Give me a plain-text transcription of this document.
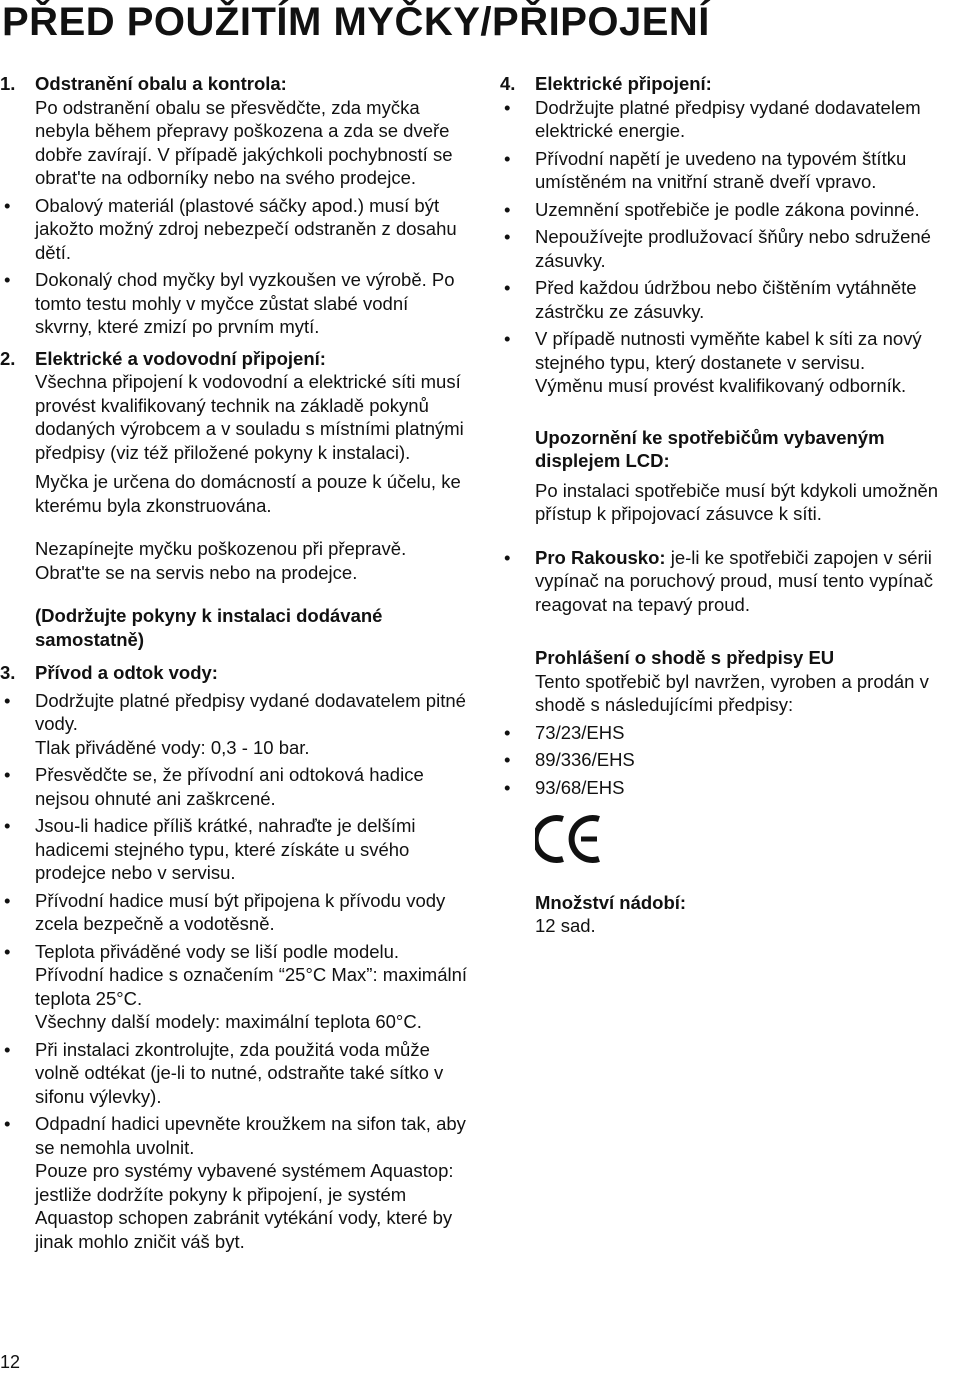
PŘED POUŽITÍM MYČKY/PŘIPOJENÍ
1.	Odstranění obalu a kontrola:
Po odstranění obalu se přesvědčte, zda myčka nebyla během přepravy poškozena a zda se dveře dobře zavírají. V případě jakýchkoli pochybností se obrat'te na odborníky nebo na svého prodejce.
•	Obalový materiál (plastové sáčky apod.) musí být jakožto možný zdroj nebezpečí odstraněn z dosahu dětí.
•	Dokonalý chod myčky byl vyzkoušen ve výrobě. Po tomto testu mohly v myčce zůstat slabé vodní skvrny, které zmizí po prvním mytí.
2.	Elektrické a vodovodní připojení:
Všechna připojení k vodovodní a elektrické síti musí provést kvalifikovaný technik na základě pokynů dodaných výrobcem a v souladu s místními platnými předpisy (viz též přiložené pokyny k instalaci).
Myčka je určena do domácností a pouze k účelu, ke kterému byla zkonstruována.
Nezapínejte myčku poškozenou při přepravě. Obrat'te se na servis nebo na prodejce.
(Dodržujte pokyny k instalaci dodávané samostatně)
3.	Přívod a odtok vody:
•	Dodržujte platné předpisy vydané dodavatelem pitné vody.
Tlak přiváděné vody: 0,3 - 10 bar.
•	Přesvědčte se, že přívodní ani odtoková hadice nejsou ohnuté ani zaškrcené.
•	Jsou-li hadice příliš krátké, nahraďte je delšími hadicemi stejného typu, které získáte u svého prodejce nebo v servisu.
•	Přívodní hadice musí být připojena k přívodu vody zcela bezpečně a vodotěsně.
•	Teplota přiváděné vody se liší podle modelu. Přívodní hadice s označením “25°C Max”: maximální teplota 25°C.
Všechny další modely: maximální teplota 60°C.
•	Při instalaci zkontrolujte, zda použitá voda může volně odtékat (je-li to nutné, odstraňte také sítko v sifonu výlevky).
•	Odpadní hadici upevněte kroužkem na sifon tak, aby se nemohla uvolnit.
Pouze pro systémy vybavené systémem Aquastop: jestliže dodržíte pokyny k připojení, je systém Aquastop schopen zabránit vytékání vody, které by jinak mohlo zničit váš byt.
4.	Elektrické připojení:
•	Dodržujte platné předpisy vydané dodavatelem elektrické energie.
•	Přívodní napětí je uvedeno na typovém štítku umístěném na vnitřní straně dveří vpravo.
•	Uzemnění spotřebiče je podle zákona povinné.
•	Nepoužívejte prodlužovací šňůry nebo sdružené zásuvky.
•	Před každou údržbou nebo čištěním vytáhněte zástrčku ze zásuvky.
•	V případě nutnosti vyměňte kabel k síti za nový stejného typu, který dostanete v servisu.
Výměnu musí provést kvalifikovaný odborník.
Upozornění ke spotřebičům vybaveným displejem LCD:
Po instalaci spotřebiče musí být kdykoli umožněn přístup k připojovací zásuvce k síti.
•	Pro Rakousko: je-li ke spotřebiči zapojen v sérii vypínač na poruchový proud, musí tento vypínač reagovat na tepavý proud.
Prohlášení o shodě s předpisy EU
Tento spotřebič byl navržen, vyroben a prodán v shodě s následujícími předpisy:
•	73/23/EHS
•	89/336/EHS
•	93/68/EHS
Množství nádobí:
12 sad.
12
